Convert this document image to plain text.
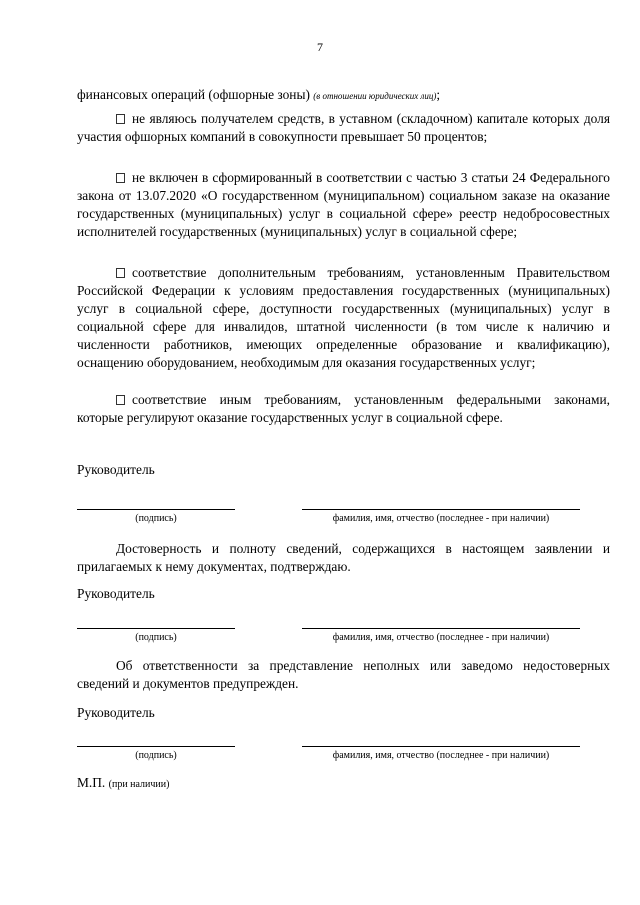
7

финансовых операций (офшорные зоны) (в отношении юридических лиц);

не являюсь получателем средств, в уставном (складочном) капитале которых доля участия офшорных компаний в совокупности превышает 50 процентов;

не включен в сформированный в соответствии с частью 3 статьи 24 Федерального закона от 13.07.2020 «О государственном (муниципальном) социальном заказе на оказание государственных (муниципальных) услуг в социальной сфере» реестр недобросовестных исполнителей государственных (муниципальных) услуг в социальной сфере;

соответствие дополнительным требованиям, установленным Правительством Российской Федерации к условиям предоставления государственных (муниципальных) услуг в социальной сфере, доступности государственных (муниципальных) услуг в социальной сфере для инвалидов, штатной численности (в том числе к наличию и численности работников, имеющих определенные образование и квалификацию), оснащению оборудованием, необходимым для оказания государственных услуг;

соответствие иным требованиям, установленным федеральными законами, которые регулируют оказание государственных услуг в социальной сфере.

Руководитель

(подпись)	фамилия, имя, отчество (последнее - при наличии)

Достоверность и полноту сведений, содержащихся в настоящем заявлении и прилагаемых к нему документах, подтверждаю.

Руководитель

(подпись)	фамилия, имя, отчество (последнее - при наличии)

Об ответственности за представление неполных или заведомо недостоверных сведений и документов предупрежден.

Руководитель

(подпись)	фамилия, имя, отчество (последнее - при наличии)

М.П. (при наличии)
